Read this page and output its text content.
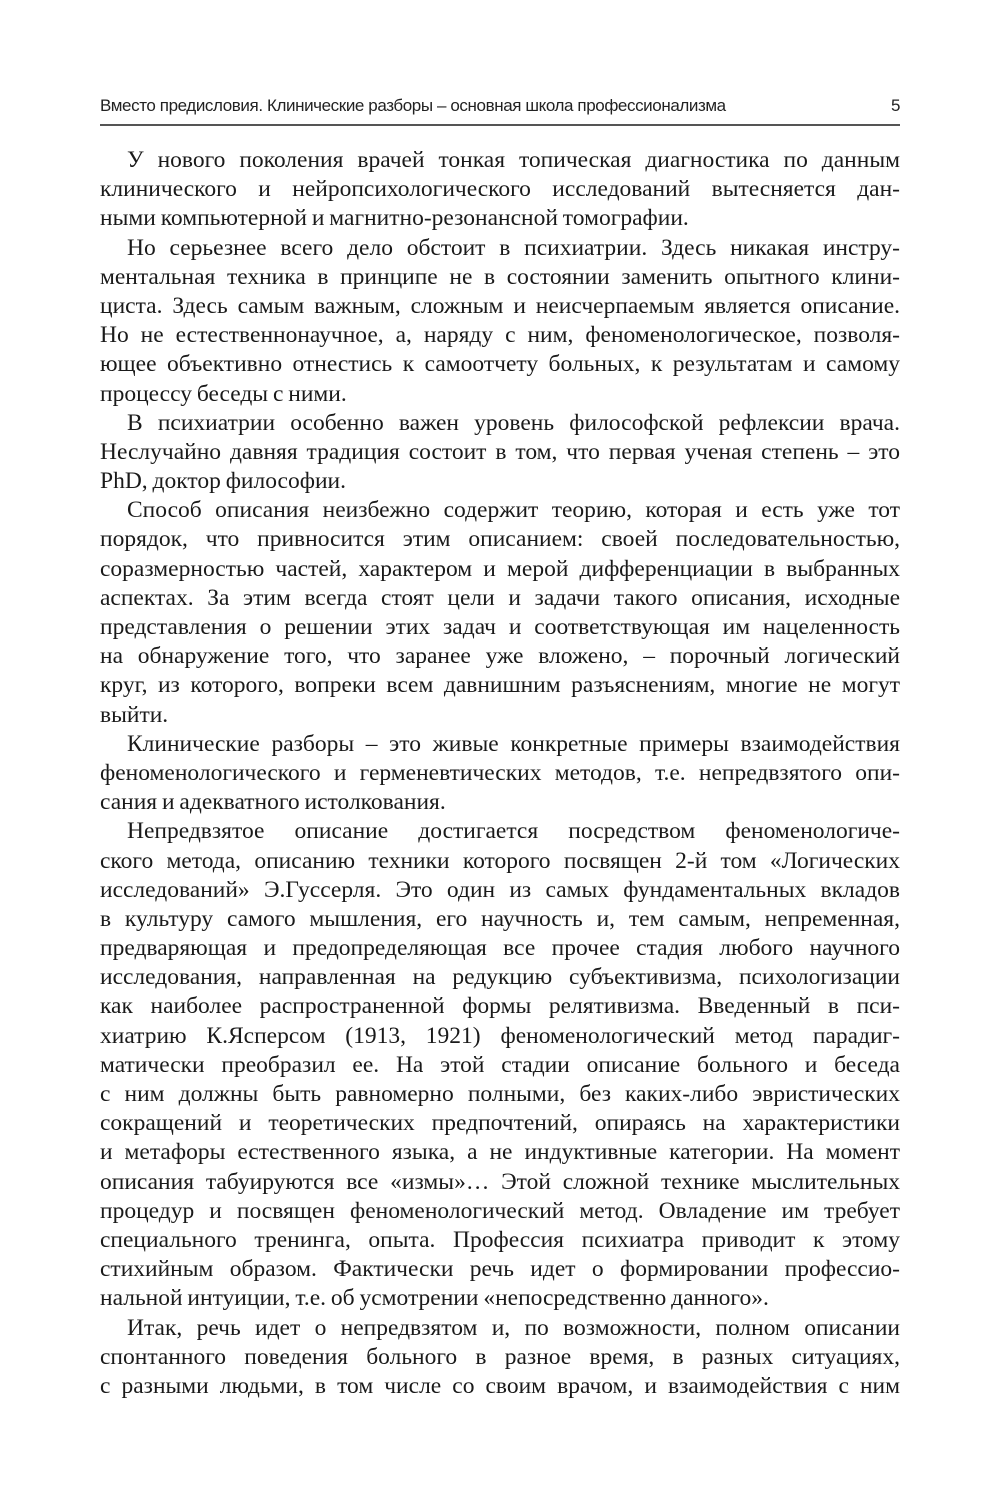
Вместо предисловия. Клинические разборы – основная школа профессионализма	5
У нового поколения врачей тонкая топическая диагностика по данным
клинического и нейропсихологического исследований вытесняется дан-
ными компьютерной и магнитно-резонансной томографии.
Но серьезнее всего дело обстоит в психиатрии. Здесь никакая инстру-
ментальная техника в принципе не в состоянии заменить опытного клини-
циста. Здесь самым важным, сложным и неисчерпаемым является описание.
Но не естественнонаучное, а, наряду с ним, феноменологическое, позволя-
ющее объективно отнестись к самоотчету больных, к результатам и самому
процессу беседы с ними.
В психиатрии особенно важен уровень философской рефлексии врача.
Неслучайно давняя традиция состоит в том, что первая ученая степень – это
PhD, доктор философии.
Способ описания неизбежно содержит теорию, которая и есть уже тот
порядок, что привносится этим описанием: своей последовательностью,
соразмерностью частей, характером и мерой дифференциации в выбранных
аспектах. За этим всегда стоят цели и задачи такого описания, исходные
представления о решении этих задач и соответствующая им нацеленность
на обнаружение того, что заранее уже вложено, – порочный логический
круг, из которого, вопреки всем давнишним разъяснениям, многие не могут
выйти.
Клинические разборы – это живые конкретные примеры взаимодействия
феноменологического и герменевтических методов, т.е. непредвзятого опи-
сания и адекватного истолкования.
Непредвзятое описание достигается посредством феноменологиче-
ского метода, описанию техники которого посвящен 2-й том «Логических
исследований» Э.Гуссерля. Это один из самых фундаментальных вкладов
в культуру самого мышления, его научность и, тем самым, непременная,
предваряющая и предопределяющая все прочее стадия любого научного
исследования, направленная на редукцию субъективизма, психологизации
как наиболее распространенной формы релятивизма. Введенный в пси-
хиатрию К.Ясперсом (1913, 1921) феноменологический метод парадиг-
матически преобразил ее. На этой стадии описание больного и беседа
с ним должны быть равномерно полными, без каких-либо эвристических
сокращений и теоретических предпочтений, опираясь на характеристики
и метафоры естественного языка, а не индуктивные категории. На момент
описания табуируются все «измы»… Этой сложной технике мыслительных
процедур и посвящен феноменологический метод. Овладение им требует
специального тренинга, опыта. Профессия психиатра приводит к этому
стихийным образом. Фактически речь идет о формировании профессио-
нальной интуиции, т.е. об усмотрении «непосредственно данного».
Итак, речь идет о непредвзятом и, по возможности, полном описании
спонтанного поведения больного в разное время, в разных ситуациях,
с разными людьми, в том числе со своим врачом, и взаимодействия с ним
